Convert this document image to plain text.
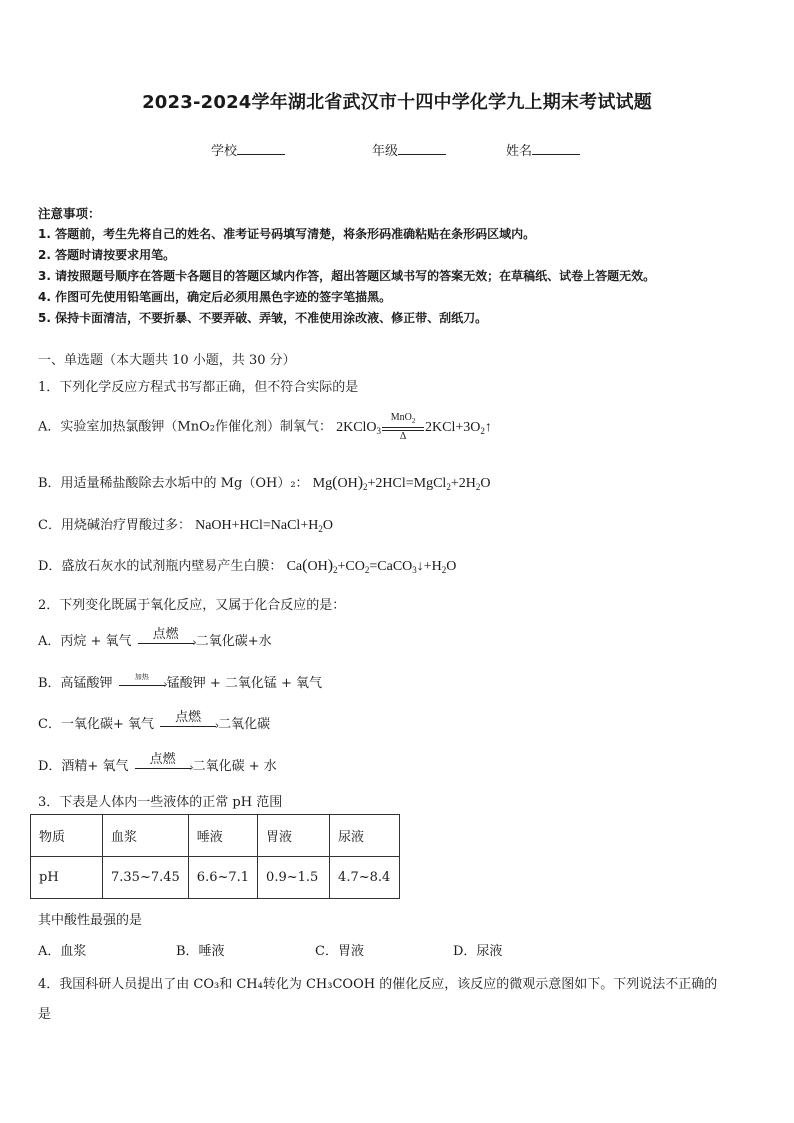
2023-2024学年湖北省武汉市十四中学化学九上期末考试试题
学校	年级	姓名
注意事项：
1. 答题前，考生先将自己的姓名、准考证号码填写清楚，将条形码准确粘贴在条形码区域内。
2. 答题时请按要求用笔。
3. 请按照题号顺序在答题卡各题目的答题区域内作答，超出答题区域书写的答案无效；在草稿纸、试卷上答题无效。
4. 作图可先使用铅笔画出，确定后必须用黑色字迹的签字笔描黑。
5. 保持卡面清洁，不要折暴、不要弄破、弄皱，不准使用涂改液、修正带、刮纸刀。
一、单选题（本大题共 10 小题，共 30 分）
1．下列化学反应方程式书写都正确，但不符合实际的是
A．实验室加热氯酸钾（MnO₂作催化剂）制氧气： 2KClO$_3$
MnO$_2$
Δ
$2KCl+3O_2↑$
B．用适量稀盐酸除去水垢中的 Mg（OH）₂： $Mg(OH)_2+2HCl=MgCl_2+2H_2O$
C．用烧碱治疗胃酸过多： $NaOH+HCl=NaCl+H_2O$
D．盛放石灰水的试剂瓶内壁易产生白膜： $Ca(OH)_2+CO_2=CaCO_3↓+H_2O$
2．下列变化既属于氧化反应，又属于化合反应的是：
A．丙烷 + 氧气	点燃
› 二氧化碳+水
B．高锰酸钾	加热
› 锰酸钾 + 二氧化锰 + 氧气
C．一氧化碳+ 氧气	点燃
› 二氧化碳
D．酒精+ 氧气	点燃
› 二氧化碳 + 水
3．下表是人体内一些液体的正常 pH 范围
物质	血浆	唾液	胃液	尿液
pH	7.35~7.45	6.6~7.1	0.9~1.5	4.7~8.4
其中酸性最强的是
A．血浆	B．唾液	C．胃液	D．尿液
4．我国科研人员提出了由 CO₃和 CH₄转化为 CH₃COOH 的催化反应，该反应的微观示意图如下。下列说法不正确的
是
